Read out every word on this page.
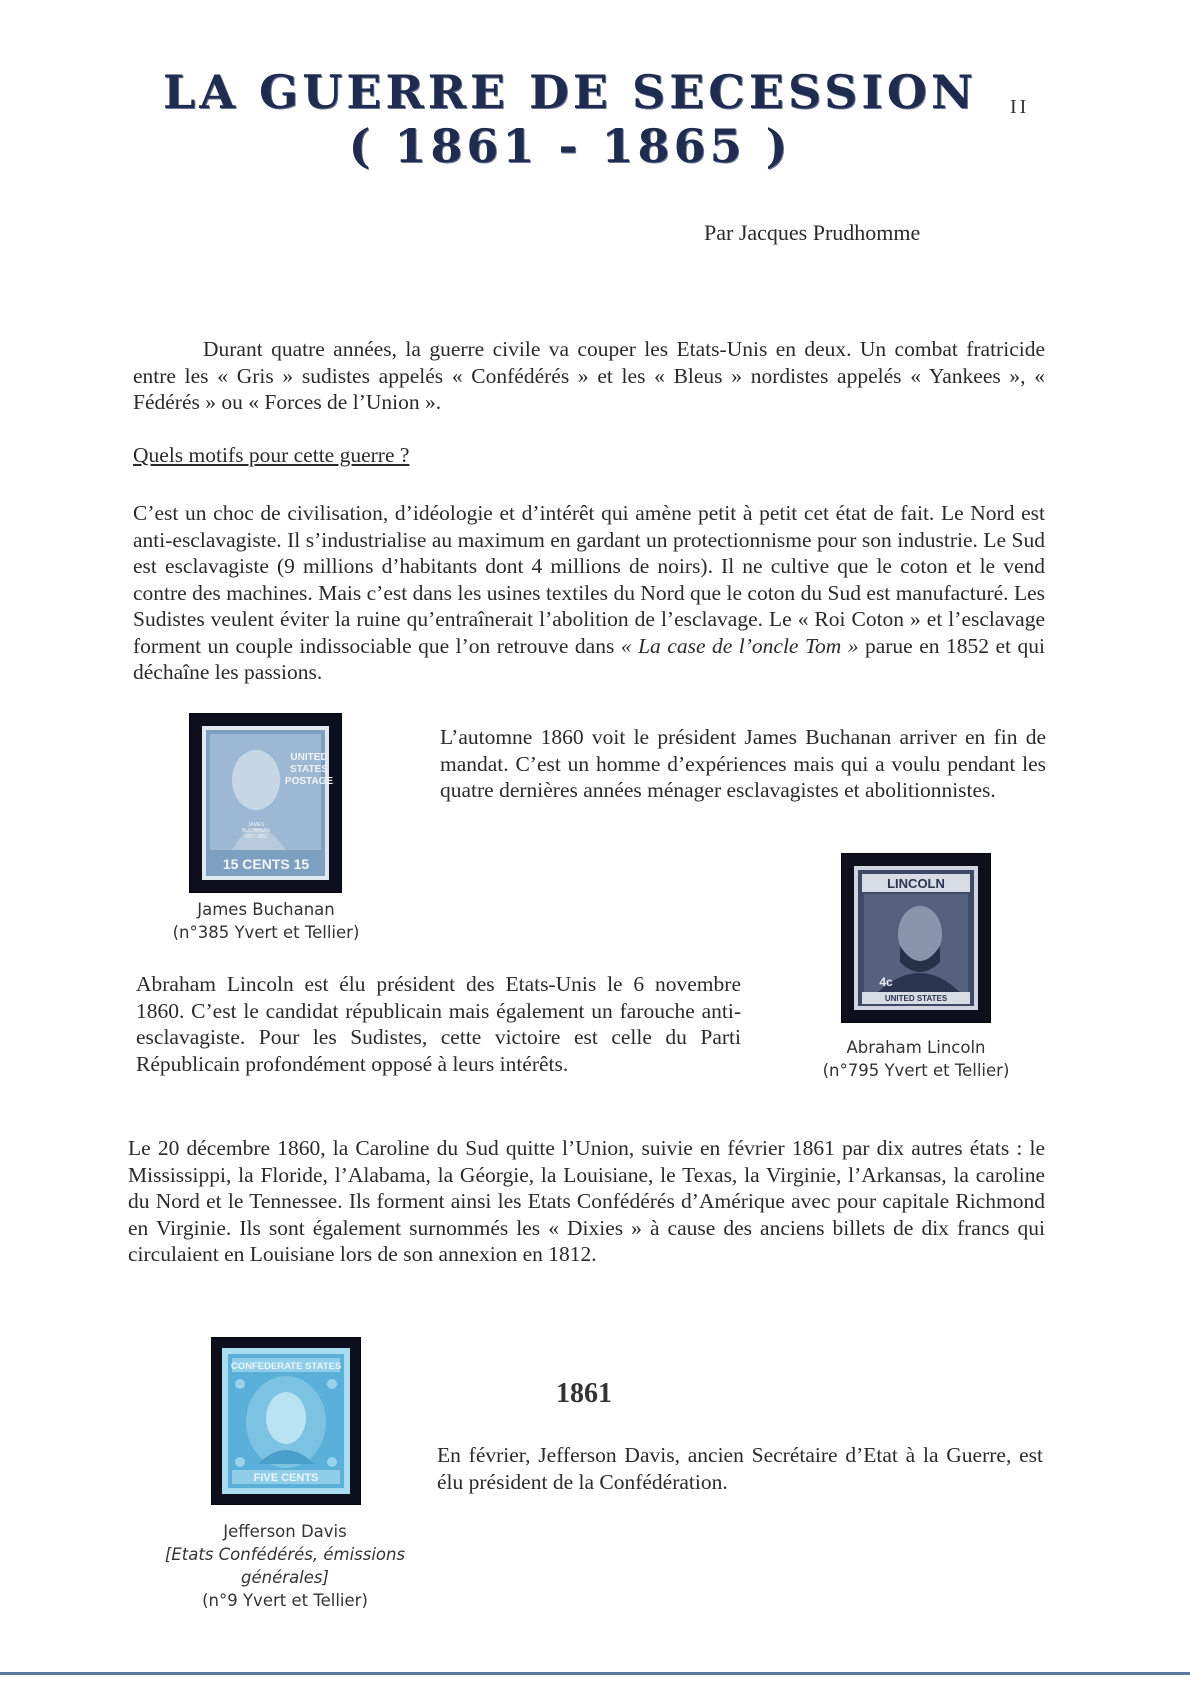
LA GUERRE DE SECESSION
( 1861 - 1865 )
II
Par Jacques Prudhomme

Durant quatre années, la guerre civile va couper les Etats-Unis en deux. Un combat fratricide entre les « Gris » sudistes appelés « Confédérés » et les « Bleus » nordistes appelés « Yankees », « Fédérés » ou « Forces de l’Union ».

Quels motifs pour cette guerre ?

C’est un choc de civilisation, d’idéologie et d’intérêt qui amène petit à petit cet état de fait. Le Nord est anti-esclavagiste. Il s’industrialise au maximum en gardant un protectionnisme pour son industrie. Le Sud est esclavagiste (9 millions d’habitants dont 4 millions de noirs). Il ne cultive que le coton et le vend contre des machines. Mais c’est dans les usines textiles du Nord que le coton du Sud est manufacturé. Les Sudistes veulent éviter la ruine qu’entraînerait l’abolition de l’esclavage. Le « Roi Coton » et l’esclavage forment un couple indissociable que l’on retrouve dans « La case de l’oncle Tom » parue en 1852 et qui déchaîne les passions.

UNITED
STATES
POSTAGE
JAMES
BUCHANAN
1857-1861
15 CENTS 15
James Buchanan
(n°385 Yvert et Tellier)

L’automne 1860 voit le président James Buchanan arriver en fin de mandat. C’est un homme d’expériences mais qui a voulu pendant les quatre dernières années ménager esclavagistes et abolitionnistes.

LINCOLN
4c
UNITED STATES
Abraham Lincoln
(n°795 Yvert et Tellier)

Abraham Lincoln est élu président des Etats-Unis le 6 novembre 1860. C’est le candidat républicain mais également un farouche anti-esclavagiste. Pour les Sudistes, cette victoire est celle du Parti Républicain profondément opposé à leurs intérêts.

Le 20 décembre 1860, la Caroline du Sud quitte l’Union, suivie en février 1861 par dix autres états : le Mississippi, la Floride, l’Alabama, la Géorgie, la Louisiane, le Texas, la Virginie, l’Arkansas, la caroline du Nord et le Tennessee. Ils forment ainsi les Etats Confédérés d’Amérique avec pour capitale Richmond en Virginie. Ils sont également surnommés les « Dixies » à cause des anciens billets de dix francs qui circulaient en Louisiane lors de son annexion en 1812.

CONFEDERATE STATES
FIVE CENTS
Jefferson Davis
[Etats Confédérés, émissions générales]
(n°9 Yvert et Tellier)
1861

En février, Jefferson Davis, ancien Secrétaire d’Etat à la Guerre, est élu président de la Confédération.
